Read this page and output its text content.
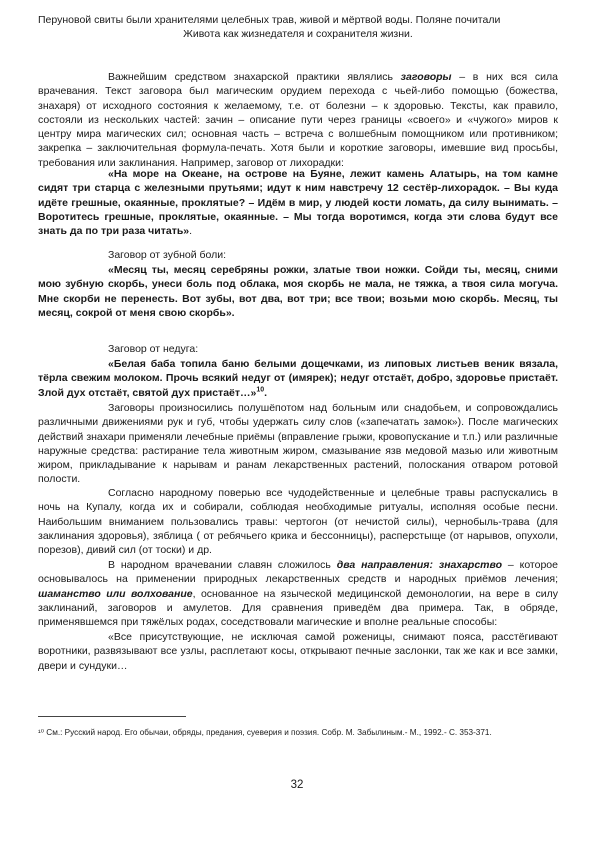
Перуновой свиты были хранителями целебных трав, живой и мёртвой воды. Поляне почитали

Живота как жизнедателя и сохранителя жизни.

Важнейшим средством знахарской практики являлись заговоры – в них вся сила врачевания. Текст заговора был магическим орудием перехода с чьей-либо помощью (божества, знахаря) от исходного состояния к желаемому, т.е. от болезни – к здоровью. Тексты, как правило, состояли из нескольких частей: зачин – описание пути через границы «своего» и «чужого» миров к центру мира магических сил; основная часть – встреча с волшебным помощником или противником; закрепка – заключительная формула-печать. Хотя были и короткие заговоры, имевшие вид просьбы, требования или заклинания. Например, заговор от лихорадки:
«На море на Океане, на острове на Буяне, лежит камень Алатырь, на том камне сидят три старца с железными прутьями; идут к ним навстречу 12 сестёр-лихорадок. – Вы куда идёте грешные, окаянные, проклятые? – Идём в мир, у людей кости ломать, да силу вынимать. – Воротитесь грешные, проклятые, окаянные. – Мы тогда воротимся, когда эти слова будут все знать да по три раза читать».
Заговор от зубной боли:
«Месяц ты, месяц серебряны рожки, златые твои ножки. Сойди ты, месяц, сними мою зубную скорбь, унеси боль под облака, моя скорбь не мала, не тяжка, а твоя сила могуча. Мне скорби не перенесть. Вот зубы, вот два, вот три; все твои; возьми мою скорбь. Месяц, ты месяц, сокрой от меня свою скорбь».
Заговор от недуга:
«Белая баба топила баню белыми дощечками, из липовых листьев веник вязала, тёрла свежим молоком. Прочь всякий недуг от (имярек); недуг отстаёт, добро, здоровье пристаёт. Злой дух отстаёт, святой дух пристаёт…»$^{10}$.
Заговоры произносились полушёпотом над больным или снадобьем, и сопровождались различными движениями рук и губ, чтобы удержать силу слов («запечатать замок»). После магических действий знахари применяли лечебные приёмы (вправление грыжи, кровопускание и т.п.) или различные наружные средства: растирание тела животным жиром, смазывание язв медовой мазью или животным жиром, прикладывание к нарывам и ранам лекарственных растений, полоскания отваром ротовой полости.
Согласно народному поверью все чудодейственные и целебные травы распускались в ночь на Купалу, когда их и собирали, соблюдая необходимые ритуалы, исполняя особые песни. Наибольшим вниманием пользовались травы: чертогон (от нечистой силы), чернобыль-трава (для заклинания здоровья), зяблица ( от ребячьего крика и бессонницы), расперстыще (от нарывов, опухоли, порезов), дивий сил (от тоски) и др.
В народном врачевании славян сложилось два направления: знахарство – которое основывалось на применении природных лекарственных средств и народных приёмов лечения; шаманство или волхование, основанное на языческой медицинской демонологии, на вере в силу заклинаний, заговоров и амулетов. Для сравнения приведём два примера. Так, в обряде, применявшемся при тяжёлых родах, соседствовали магические и вполне реальные способы:
«Все присутствующие, не исключая самой роженицы, снимают пояса, расстёгивают воротники, развязывают все узлы, расплетают косы, открывают печные заслонки, так же как и все замки, двери и сундуки…
¹⁰ См.: Русский народ. Его обычаи, обряды, предания, суеверия и поэзия. Собр. М. Забылиным.- М., 1992.- С. 353-371.
32
